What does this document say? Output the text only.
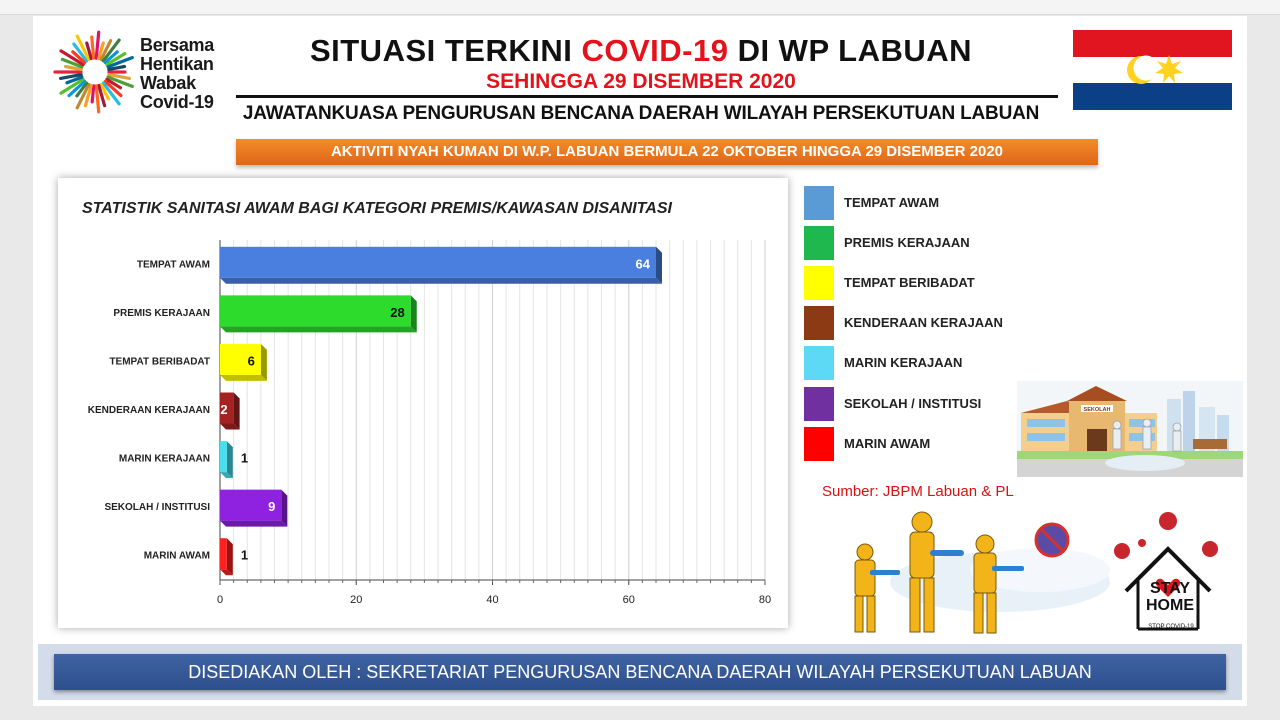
Bersama
Hentikan
Wabak
Covid-19
SITUASI TERKINI COVID-19 DI WP LABUAN
SEHINGGA 29 DISEMBER 2020
JAWATANKUASA PENGURUSAN BENCANA DAERAH WILAYAH PERSEKUTUAN LABUAN
AKTIVITI NYAH KUMAN DI W.P. LABUAN BERMULA 22 OKTOBER HINGGA 29 DISEMBER 2020
STATISTIK SANITASI AWAM BAGI KATEGORI PREMIS/KAWASAN DISANITASI
0	20	40	60	80
TEMPAT AWAM	64
PREMIS KERAJAAN	28
TEMPAT BERIBADAT	6
KENDERAAN KERAJAAN 2
MARIN KERAJAAN 1
SEKOLAH / INSTITUSI	9
MARIN AWAM 1
TEMPAT AWAM
PREMIS KERAJAAN
TEMPAT BERIBADAT
KENDERAAN KERAJAAN
MARIN KERAJAAN
SEKOLAH / INSTITUSI
MARIN AWAM
SEKOLAH
Sumber: JBPM Labuan & PL
STAY
HOME
STOP COVID-19
DISEDIAKAN OLEH : SEKRETARIAT PENGURUSAN BENCANA DAERAH WILAYAH PERSEKUTUAN LABUAN
